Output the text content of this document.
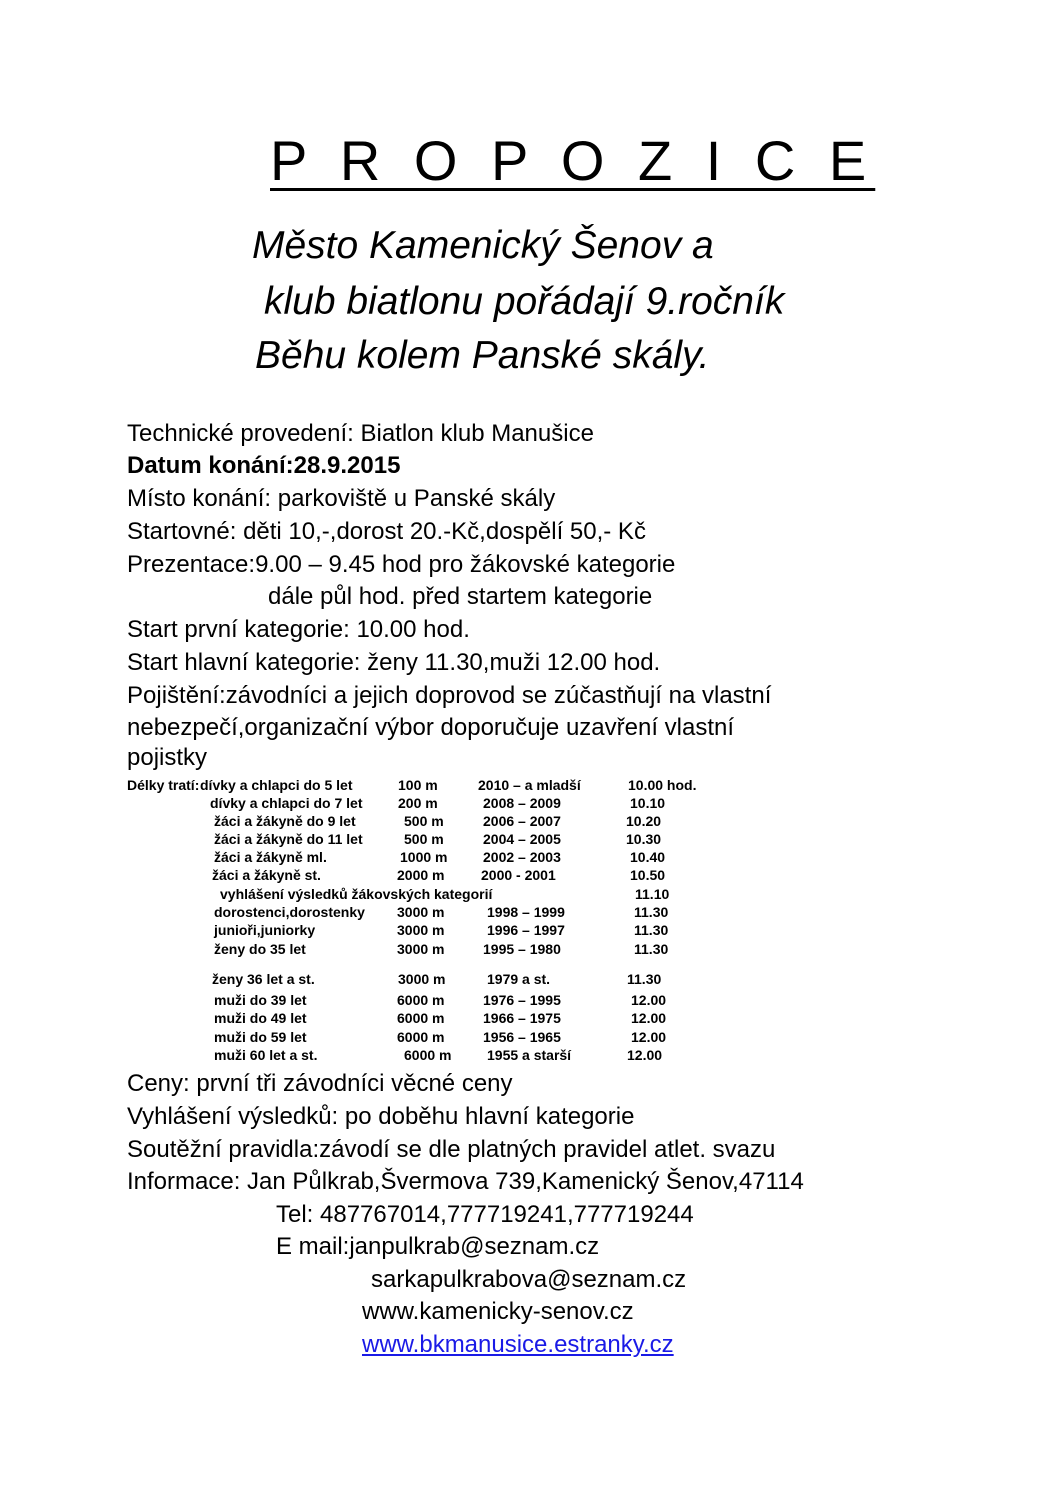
P R O P O Z I C E
Město Kamenický Šenov a
klub biatlonu pořádají 9.ročník
Běhu kolem Panské skály.
Technické provedení: Biatlon klub Manušice
Datum konání:28.9.2015
Místo konání: parkoviště u Panské skály
Startovné: děti 10,-,dorost 20.-Kč,dospělí 50,- Kč
Prezentace:9.00 – 9.45 hod pro žákovské kategorie
dále půl hod. před startem kategorie
Start první kategorie: 10.00 hod.
Start hlavní kategorie: ženy 11.30,muži 12.00 hod.
Pojištění:závodníci a jejich doprovod se zúčastňují na vlastní
nebezpečí,organizační výbor doporučuje uzavření vlastní
pojistky
Délky tratí: dívky a chlapci do 5 let	100 m	2010 – a mladší	10.00 hod.
dívky a chlapci do 7 let	200 m	2008 – 2009	10.10
žáci a žákyně do 9 let	500 m	2006 – 2007	10.20
žáci a žákyně do 11 let	500 m	2004 – 2005	10.30
žáci a žákyně ml.	1000 m	2002 – 2003	10.40
žáci a žákyně st.	2000 m	2000 - 2001	10.50
vyhlášení výsledků žákovských kategorií	11.10
dorostenci,dorostenky 3000 m	1998 – 1999	11.30
junioři,juniorky	3000 m	1996 – 1997	11.30
ženy do 35 let	3000 m	1995 – 1980	11.30
ženy 36 let a st.	3000 m	1979 a st.	11.30
muži do 39 let	6000 m	1976 – 1995	12.00
muži do 49 let	6000 m	1966 – 1975	12.00
muži do 59 let	6000 m	1956 – 1965	12.00
muži 60 let a st.	6000 m	1955 a starší	12.00
Ceny: první tři závodníci věcné ceny
Vyhlášení výsledků: po doběhu hlavní kategorie
Soutěžní pravidla:závodí se dle platných pravidel atlet. svazu
Informace: Jan Půlkrab,Švermova 739,Kamenický Šenov,47114
Tel: 487767014,777719241,777719244
E mail:janpulkrab@seznam.cz
sarkapulkrabova@seznam.cz
www.kamenicky-senov.cz
www.bkmanusice.estranky.cz
